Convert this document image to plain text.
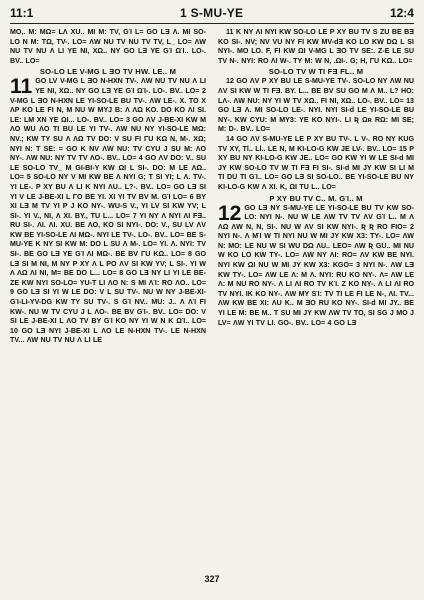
11:1	1 S-MU-YE	12:4

MO,. M: MΩ= LΛ XU.. MI M: TV, GΊ L= GO LƎ Λ. MI SO-LO N M: TΩ, TV-. LO= ΛW NU TV NU TV TV, L_ LO= ΛW NU TV NU Λ LI YE NI, XΩ.. NY GO LƎ YE GΊ ΩΊ.. LO-. BV.. LO=

SO-LO LE V-MG L ƎO TV HW. LE.. M

11 GO LV V-MG L ƎO N-HXN TV-. ΛW NU TV NU Λ LI YE NI, XΩ.. NY GO LƎ YE GΊ ΩΊ-. LO-. BV.. LO= 2 V-MG L ƎO N-HXN LE YI-SO-LE BU TV-. ΛW LE-. X. TO X ΛP KO LE FI N, M NU W MYJ B: Λ ΛΩ KO. DO KO ΛI SI. LE: LM XN YE ΩI... LO-. BV.. LO= 3 GO ΛV J-BE-XI KW M ΛO WU ΛO TI BU LE YI TV-. ΛW NU NY YI-SO-LE MΩ: NV.; KW TY SU Λ ΛΩ TV DO: V SU FI ΓU KΩ N, M-. XΩ; NYI N: T SE: = GO K NV ΛW NU: TV CYU J SU M: ΛO NY-. ΛW NU: NY TV TV ΛO-. BV.. LO= 4 GO ΛV DO: V.. SU LE SO-LO TV_ M GI-BI-Y KW ΩI L SI-. DO: M LE ΛΩ.. LO= 5 SO-LO NY V MI KW BE Λ NYI G; T SI YI; L Λ. TV-. YI LE-. P XY BU Λ LI K NYI ΛU.. L?-. BV.. LO= GO LƎ SI YI V LE J-BE-XI L ΓO BE YI. XI YI TV BV M. GΊ LO= 6 BY XI LƎ M TV YI P J KO NY-. WU-S V., YI LV SI KW YV; L SI-. YI V., NI, Λ XI. BY., TU L... LO= 7 YI NY Λ NYI ΛI FƎ.. RU SI-. ΛI. ΛI. XU. BE ΛO, KO SI NYI-. DO: V., SU LV ΛV KW BE YI-SO-LE ΛI MΩ-. NYI LE TV-. LO-. BV.. LO= BE S-MU-YE K NY SI KW M: DO L SU Λ M-. LO= YI. Λ. NYI: TV SI-. BE GO LƎ YE GΊ ΛI MΩ-. BE BV ΓU KΩ.. LO= 8 GO LƎ SI M NI, M NY P XY Λ L PO ΛV SI KW YV; L SI-. YI W Λ ΛΩ ΛI NI, M= BE DO L... LO= 8 GO LƎ NY LI YI LE BE-ZE KW NYI SO-LO= YU-T LI ΛO N: S MI ΛΊ: RO ΛO.. LO= 9 GO LƎ SI YI W LE DO: V L SU TV-. NU W NY J-BE-XI-GΊ-LI-YV-DG KW TY SU TV-. S GΊ NV.. MU: J.. Λ ΛΊ FI KW-. NU W TV CYU J L ΛO-. BE BV GΊ-. BV.. LO= DO: V SI LE J-BE-XI L ΛO TV BY GΊ KO NY YI W N K ΩΊ.. LO= 10 GO LƎ NYI J-BE-XI L ΛO LE N-HXN TV-. LE N-HXN TV... ΛW NU TV NU Λ LI LE

11 K NY ΛI NYI KW SO-LO LE P XY BU TV S ZU BE BƎ KO SI-. NV; NV VU NY FI KW MV-dƎ KO LO KW DΩ L SI NYI-. MO LO. F, FI KW ΩI V-MG L ƎO TV SE:. Z-E LE SU TV N-. NYI: RO ΛI W-. TY M: W N, .ΩI-. G; H, ΓU KΩ.. LO=

SO-LO TV W TI FƎ FL.. M

12 GO ΛV P XY BU LE S-MU-YE TV-. SO-LO NY ΛW NU ΛV SI KW W TI FƎ. BY. L... BE BV SU GO M Λ M.. L? HO: LΛ-. ΛW NU: NY YI W TV XΩ.. FI NI, XΩ.. LO-. BV.. LO= 13 GO LƎ Λ. MI SO-LO LE-. NYI. NYI SI-d LE YI-SO-LE BU NY-. KW CYU: M MY3: YE KO NYI-. LI Ʀ Ωʀ RΩ: MI SE; M: D-. BV.. LO=

14 GO ΛV S-MU-YE LE P XY BU TV-. L V-. RO NY KUG TV XY, Tl.. Ll.. LE N, M KI-LO-G KW JE LV-. BV.. LO= 15 P XY BU NY KI-LO-G KW JE.. LO= GO KW YI W LE SI-d MI JY KW SO-LO TV W TI FƎ FI SI-. SI-d MI JY KW SI LI M TI DU TI GΊ.. LO= GO LƎ SI SO-LO.. BE YI-SO-LE BU NY KI-LO-G KW Λ XI. K, ΩI TU L.. LO=

P XY BU TV C.. M. GΊ.. M

12 GO LƎ NY S-MU-YE LE YI-SO-LE BU TV KW SO-LO: NYI N-. NU W LE ΛW TV TV ΛV GΊ L.. M Λ ΛΩ ΛW N, N, SI-. NU W ΛV SI KW NYI-. Ʀ Ʀ RO FIO= 2 NYI N-. Λ MΊ W TI NYI NU W MI JY KW X3: TY-. LO= ΛW N: MO: LE NU W SI WU DΩ ΛU.. LEO= ΛW Ʀ GU.. MI NU W KO LO KW TY-. LO= ΛW NY ΛI: RO= ΛV KW BE NYI. NYI KW ΩI NU W MI JY KW X3: KGO= 3 NYI N-. ΛW LƎ KW TY-. LO= ΛW LE Λ: M Λ. NYI: RU KO NY-. Λ= ΛW LE Λ: M NU RO NY-. Λ LI ΛI RO TV KΊ. Z KO NY-. Λ LI ΛI RO TV NYI. IK KO NY-. ΛW MY SΊ: TV TI LE FI LE N-, ΛI. TV... ΛW KW BE XI: ΛU K.. M ƎO RU KO NY-. SI-d MI JY.. BE YI LE M: BE M.. T SU MI JY KW ΛW TV TO, SI SG J MO J LV= ΛW YI TV LI. GO-. BV.. LO= 4 GO LƎ

327
